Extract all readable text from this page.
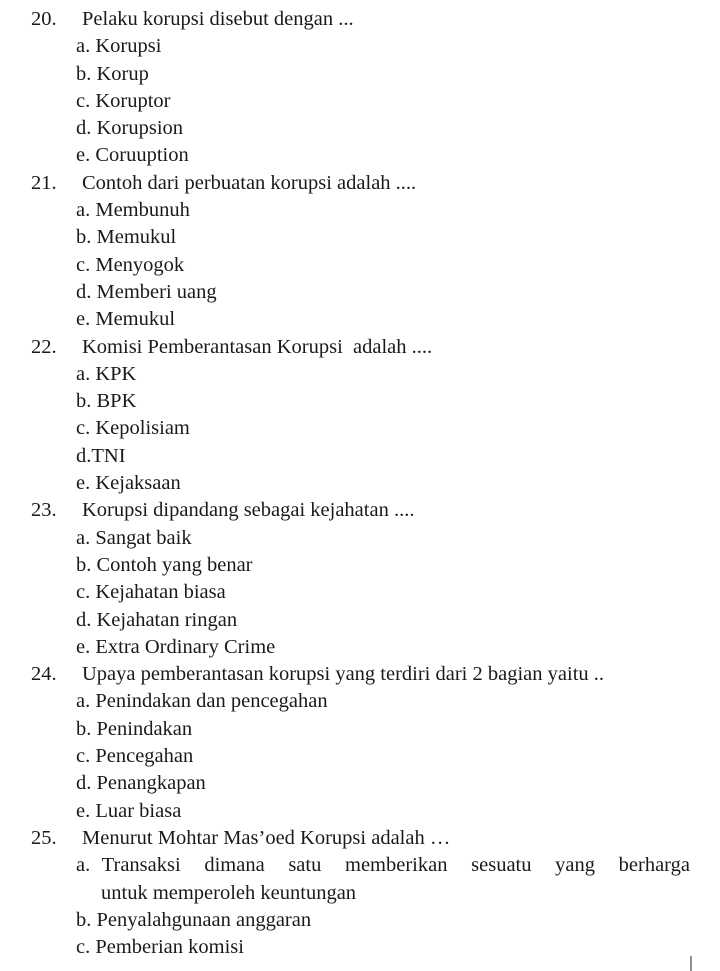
20. Pelaku korupsi disebut dengan ...
a. Korupsi
b. Korup
c. Koruptor
d. Korupsion
e. Coruuption
21. Contoh dari perbuatan korupsi adalah ....
a. Membunuh
b. Memukul
c. Menyogok
d. Memberi uang
e. Memukul
22. Komisi Pemberantasan Korupsi  adalah ....
a. KPK
b. BPK
c. Kepolisiam
d.TNI
e. Kejaksaan
23. Korupsi dipandang sebagai kejahatan ....
a. Sangat baik
b. Contoh yang benar
c. Kejahatan biasa
d. Kejahatan ringan
e. Extra Ordinary Crime
24. Upaya pemberantasan korupsi yang terdiri dari 2 bagian yaitu ..
a. Penindakan dan pencegahan
b. Penindakan
c. Pencegahan
d. Penangkapan
e. Luar biasa
25. Menurut Mohtar Mas’oed Korupsi adalah …
a. Transaksi  dimana  satu  memberikan  sesuatu  yang  berharga
untuk memperoleh keuntungan
b. Penyalahgunaan anggaran
c. Pemberian komisi
